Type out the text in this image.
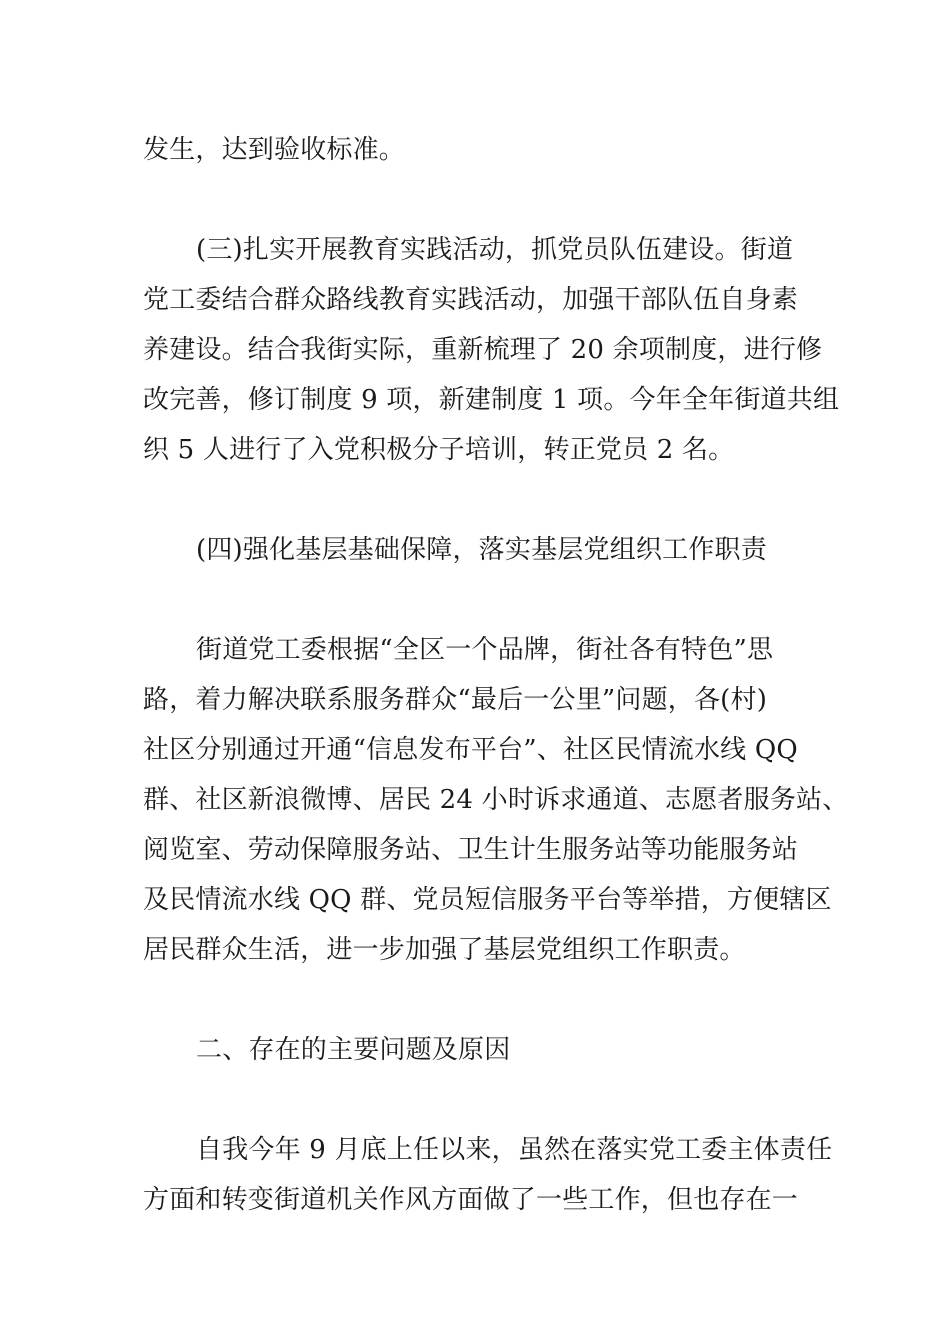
发生，达到验收标准。
(三)扎实开展教育实践活动，抓党员队伍建设。街道
党工委结合群众路线教育实践活动，加强干部队伍自身素
养建设。结合我街实际，重新梳理了 20 余项制度，进行修
改完善，修订制度 9 项，新建制度 1 项。今年全年街道共组
织 5 人进行了入党积极分子培训，转正党员 2 名。
(四)强化基层基础保障，落实基层党组织工作职责
街道党工委根据“全区一个品牌，街社各有特色”思
路，着力解决联系服务群众“最后一公里”问题，各(村)
社区分别通过开通“信息发布平台”、社区民情流水线 QQ
群、社区新浪微博、居民 24 小时诉求通道、志愿者服务站、
阅览室、劳动保障服务站、卫生计生服务站等功能服务站
及民情流水线 QQ 群、党员短信服务平台等举措，方便辖区
居民群众生活，进一步加强了基层党组织工作职责。
二、存在的主要问题及原因
自我今年 9 月底上任以来，虽然在落实党工委主体责任
方面和转变街道机关作风方面做了一些工作，但也存在一
